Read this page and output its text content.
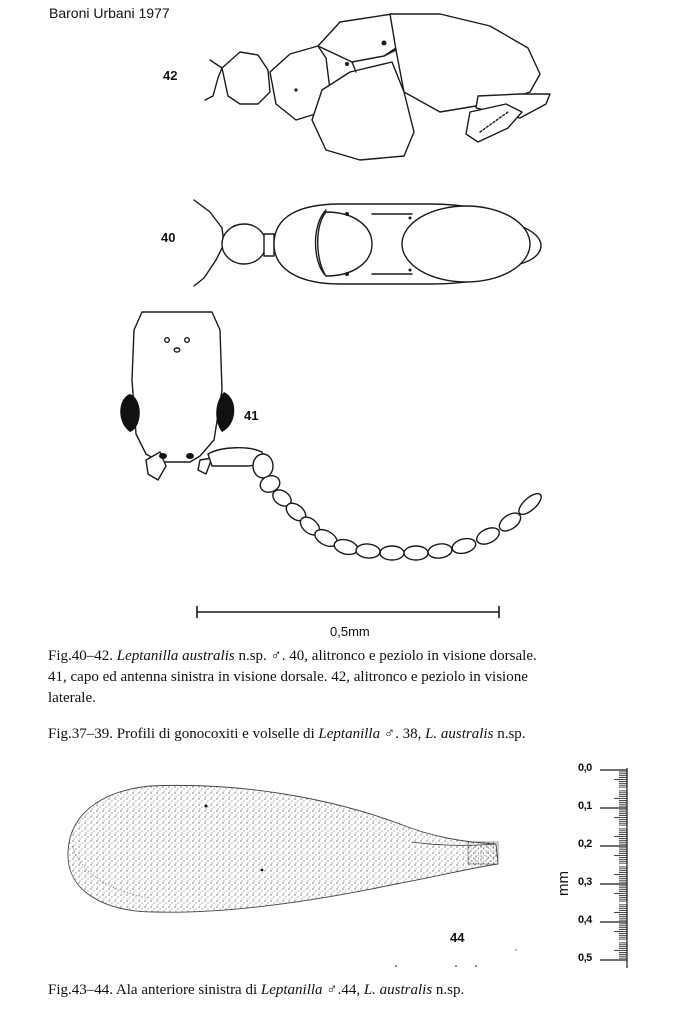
Baroni Urbani 1977
42
40
41
44
0,5mm
Fig.40–42. Leptanilla australis n.sp. ♂. 40, alitronco e peziolo in visione dorsale.
41, capo ed antenna sinistra in visione dorsale. 42, alitronco e peziolo in visione
laterale.
Fig.37–39. Profili di gonocoxiti e volselle di Leptanilla ♂. 38, L. australis n.sp.
0,0
0,1
0,2
0,3
0,4
0,5
mm
Fig.43–44. Ala anteriore sinistra di Leptanilla ♂.44, L. australis n.sp.
